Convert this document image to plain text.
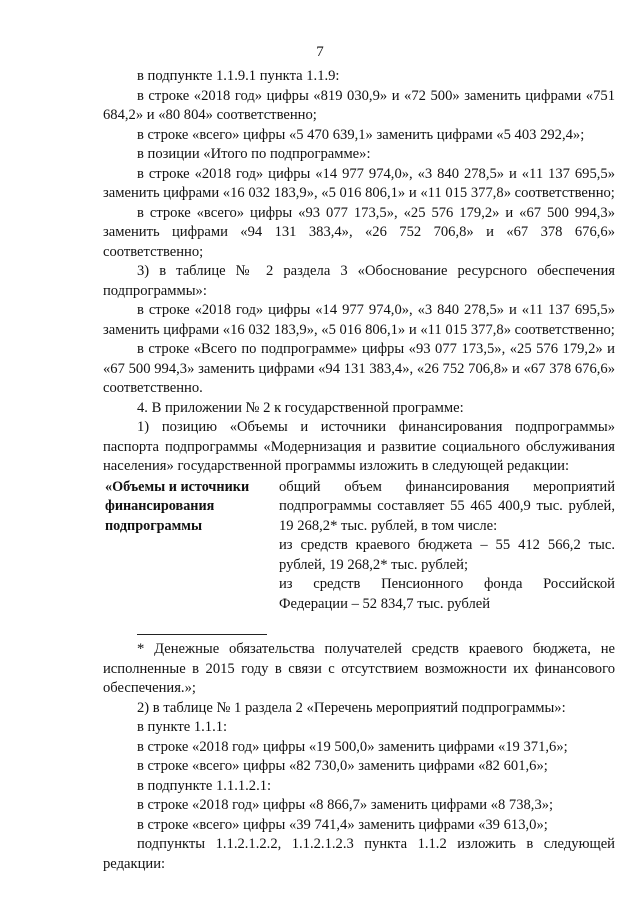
7

в подпункте 1.1.9.1 пункта 1.1.9:

в строке «2018 год» цифры «819 030,9» и «72 500» заменить цифрами «751 684,2» и «80 804» соответственно;

в строке «всего» цифры «5 470 639,1» заменить цифрами «5 403 292,4»;

в позиции «Итого по подпрограмме»:

в строке «2018 год» цифры «14 977 974,0», «3 840 278,5» и «11 137 695,5» заменить цифрами «16 032 183,9», «5 016 806,1» и «11 015 377,8» соответственно;

в строке «всего» цифры «93 077 173,5», «25 576 179,2» и «67 500 994,3» заменить цифрами «94 131 383,4», «26 752 706,8» и «67 378 676,6» соответственно;

3) в таблице № 2 раздела 3 «Обоснование ресурсного обеспечения подпрограммы»:

в строке «2018 год» цифры «14 977 974,0», «3 840 278,5» и «11 137 695,5» заменить цифрами «16 032 183,9», «5 016 806,1» и «11 015 377,8» соответственно;

в строке «Всего по подпрограмме» цифры «93 077 173,5», «25 576 179,2» и «67 500 994,3» заменить цифрами «94 131 383,4», «26 752 706,8» и «67 378 676,6» соответственно.

4. В приложении № 2 к государственной программе:

1) позицию «Объемы и источники финансирования подпрограммы» паспорта подпрограммы «Модернизация и развитие социального обслуживания населения» государственной программы изложить в следующей редакции:

«Объемы и источники финансирования подпрограммы

общий объем финансирования мероприятий подпрограммы составляет 55 465 400,9 тыс. рублей, 19 268,2* тыс. рублей, в том числе:

из средств краевого бюджета – 55 412 566,2 тыс. рублей, 19 268,2* тыс. рублей;

из средств Пенсионного фонда Российской Федерации – 52 834,7 тыс. рублей

* Денежные обязательства получателей средств краевого бюджета, не исполненные в 2015 году в связи с отсутствием возможности их финансового обеспечения.»;

2) в таблице № 1 раздела 2 «Перечень мероприятий подпрограммы»:

в пункте 1.1.1:

в строке «2018 год» цифры «19 500,0» заменить цифрами «19 371,6»;

в строке «всего» цифры «82 730,0» заменить цифрами «82 601,6»;

в подпункте 1.1.1.2.1:

в строке «2018 год» цифры «8 866,7» заменить цифрами «8 738,3»;

в строке «всего» цифры «39 741,4» заменить цифрами «39 613,0»;

подпункты 1.1.2.1.2.2, 1.1.2.1.2.3 пункта 1.1.2 изложить в следующей редакции:
